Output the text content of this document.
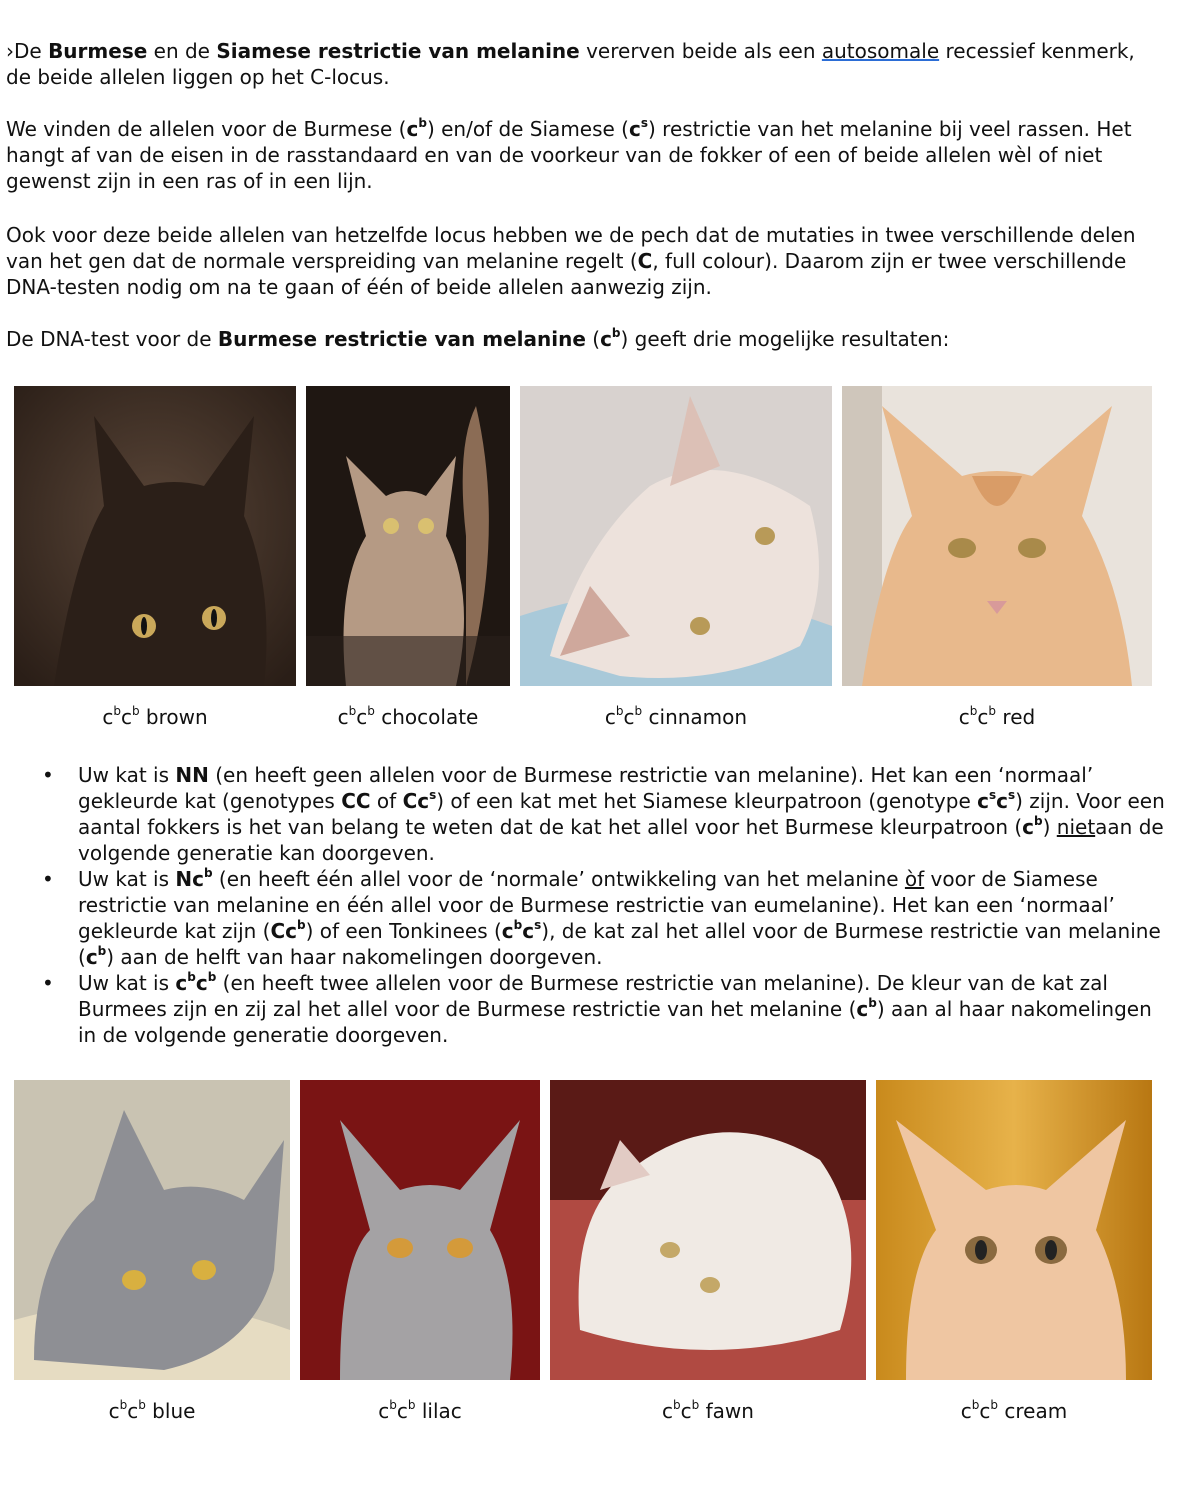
›De Burmese en de Siamese restrictie van melanine vererven beide als een autosomale recessief kenmerk, de beide allelen liggen op het C-locus.

We vinden de allelen voor de Burmese $(c^b)$ en/of de Siamese $(c^s)$ restrictie van het melanine bij veel rassen. Het hangt af van de eisen in de rasstandaard en van de voorkeur van de fokker of een of beide allelen wèl of niet gewenst zijn in een ras of in een lijn.

Ook voor deze beide allelen van hetzelfde locus hebben we de pech dat de mutaties in twee verschillende delen van het gen dat de normale verspreiding van melanine regelt (C, full colour). Daarom zijn er twee verschillende DNA-testen nodig om na te gaan of één of beide allelen aanwezig zijn.

De DNA-test voor de Burmese restrictie van melanine $(c^b)$ geeft drie mogelijke resultaten:

$c^bc^b$ brown	$c^bc^b$ chocolate	$c^bc^b$ cinnamon	$c^bc^b$ red
• Uw kat is NN (en heeft geen allelen voor de Burmese restrictie van melanine). Het kan een ‘normaal’ gekleurde kat (genotypes CC of Cc$^s$) of een kat met het Siamese kleurpatroon (genotype $c^sc^s$) zijn. Voor een aantal fokkers is het van belang te weten dat de kat het allel voor het Burmese kleurpatroon $(c^b)$ nietaan de volgende generatie kan doorgeven.
• Uw kat is Nc$^b$ (en heeft één allel voor de ‘normale’ ontwikkeling van het melanine òf voor de Siamese restrictie van melanine en één allel voor de Burmese restrictie van eumelanine). Het kan een ‘normaal’ gekleurde kat zijn (Cc$^b$) of een Tonkinees $(c^bc^s)$, de kat zal het allel voor de Burmese restrictie van melanine $(c^b)$ aan de helft van haar nakomelingen doorgeven.
• Uw kat is $c^bc^b$ (en heeft twee allelen voor de Burmese restrictie van melanine). De kleur van de kat zal Burmees zijn en zij zal het allel voor de Burmese restrictie van het melanine $(c^b)$ aan al haar nakomelingen in de volgende generatie doorgeven.
$c^bc^b$ blue	$c^bc^b$ lilac	$c^bc^b$ fawn	$c^bc^b$ cream
